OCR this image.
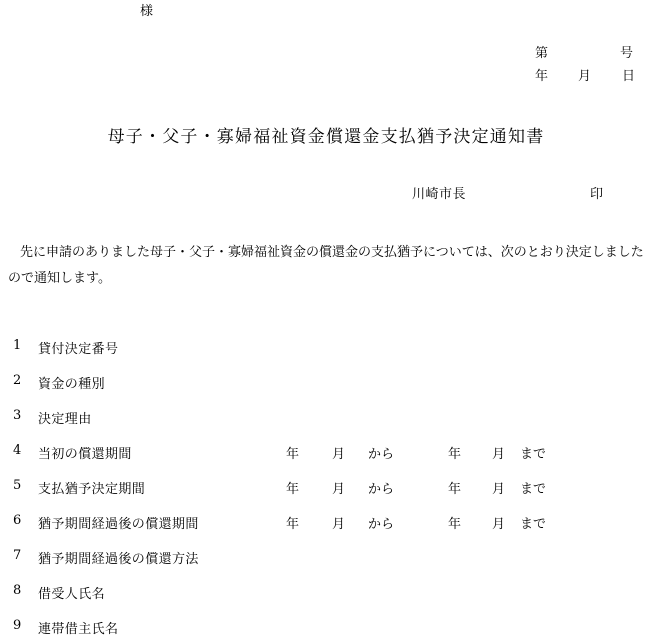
様
第	号
年 月 日
母子・父子・寡婦福祉資金償還金支払猶予決定通知書
川崎市長	印
先に申請のありました母子・父子・寡婦福祉資金の償還金の支払猶予については、次のとおり決定しましたので通知します。
1 貸付決定番号
2 資金の種別
3 決定理由
4 当初の償還期間	年	月 から	年 月 まで
5 支払猶予決定期間	年	月 から	年 月 まで
6 猶予期間経過後の償還期間	年	月 から	年 月 まで
7 猶予期間経過後の償還方法
8 借受人氏名
9 連帯借主氏名
